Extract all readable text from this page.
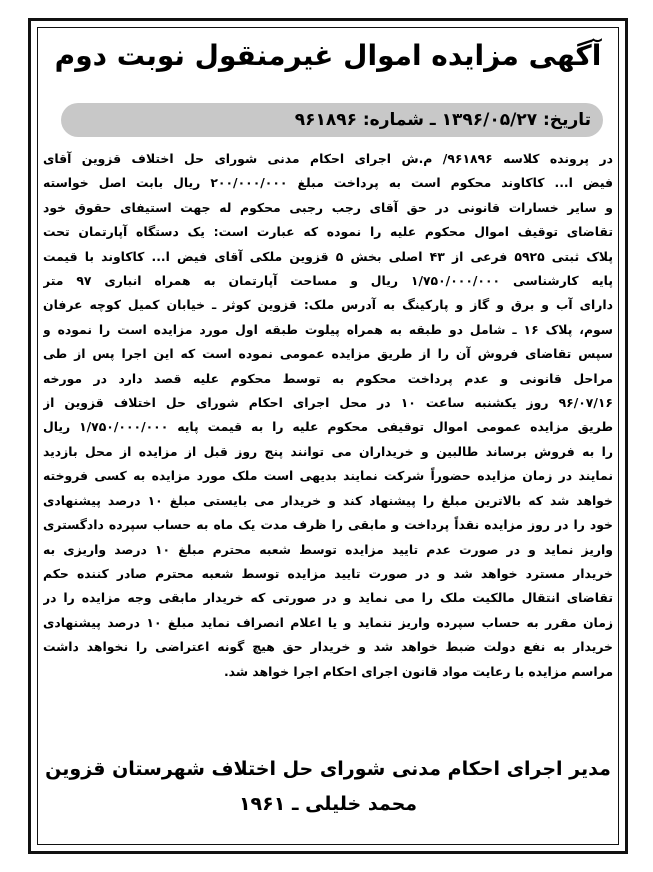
آگهی مزایده اموال غیرمنقول نوبت دوم
تاریخ: ۱۳۹۶/۰۵/۲۷ ـ شماره: ۹۶۱۸۹۶
در پرونده کلاسه ۹۶۱۸۹۶/ م.ش اجرای احکام مدنی شورای حل اختلاف قزوین آقای
فیض ا... کاکاوند محکوم است به پرداخت مبلغ ۲۰۰/۰۰۰/۰۰۰ ریال بابت اصل خواسته
و سایر خسارات قانونی در حق آقای رجب رجبی محکوم له جهت استیفای حقوق خود
تقاضای توقیف اموال محکوم علیه را نموده که عبارت است: یک دستگاه آپارتمان تحت
پلاک ثبتی ۵۹۲۵ فرعی از ۴۳ اصلی بخش ۵ قزوین ملکی آقای فیض ا... کاکاوند با قیمت
پایه کارشناسی ۱/۷۵۰/۰۰۰/۰۰۰ ریال و مساحت آپارتمان به همراه انباری ۹۷ متر
دارای آب و برق و گاز و پارکینگ به آدرس ملک: قزوین کوثر ـ خیابان کمیل کوچه عرفان
سوم، پلاک ۱۶ ـ شامل دو طبقه به همراه پیلوت طبقه اول مورد مزایده است را نموده و
سپس تقاضای فروش آن را از طریق مزایده عمومی نموده است که این اجرا پس از طی
مراحل قانونی و عدم پرداخت محکوم به توسط محکوم علیه قصد دارد در مورخه
۹۶/۰۷/۱۶ روز یکشنبه ساعت ۱۰ در محل اجرای احکام شورای حل اختلاف قزوین از
طریق مزایده عمومی اموال توقیفی محکوم علیه را به قیمت پایه ۱/۷۵۰/۰۰۰/۰۰۰ ریال
را به فروش برساند طالبین و خریداران می توانند پنج روز قبل از مزایده از محل بازدید
نمایند در زمان مزایده حضوراً شرکت نمایند بدیهی است ملک مورد مزایده به کسی فروخته
خواهد شد که بالاترین مبلغ را پیشنهاد کند و خریدار می بایستی مبلغ ۱۰ درصد پیشنهادی
خود را در روز مزایده نقداً پرداخت و مابقی را ظرف مدت یک ماه به حساب سپرده دادگستری
واریز نماید و در صورت عدم تایید مزایده توسط شعبه محترم مبلغ ۱۰ درصد واریزی به
خریدار مسترد خواهد شد و در صورت تایید مزایده توسط شعبه محترم صادر کننده حکم
تقاضای انتقال مالکیت ملک را می نماید و در صورتی که خریدار مابقی وجه مزایده را در
زمان مقرر به حساب سپرده واریز ننماید و یا اعلام انصراف نماید مبلغ ۱۰ درصد پیشنهادی
خریدار به نفع دولت ضبط خواهد شد و خریدار حق هیچ گونه اعتراضی را نخواهد داشت
مراسم مزایده با رعایت مواد قانون اجرای احکام اجرا خواهد شد.
مدیر اجرای احکام مدنی شورای حل اختلاف شهرستان قزوین
محمد خلیلی ـ ۱۹۶۱
